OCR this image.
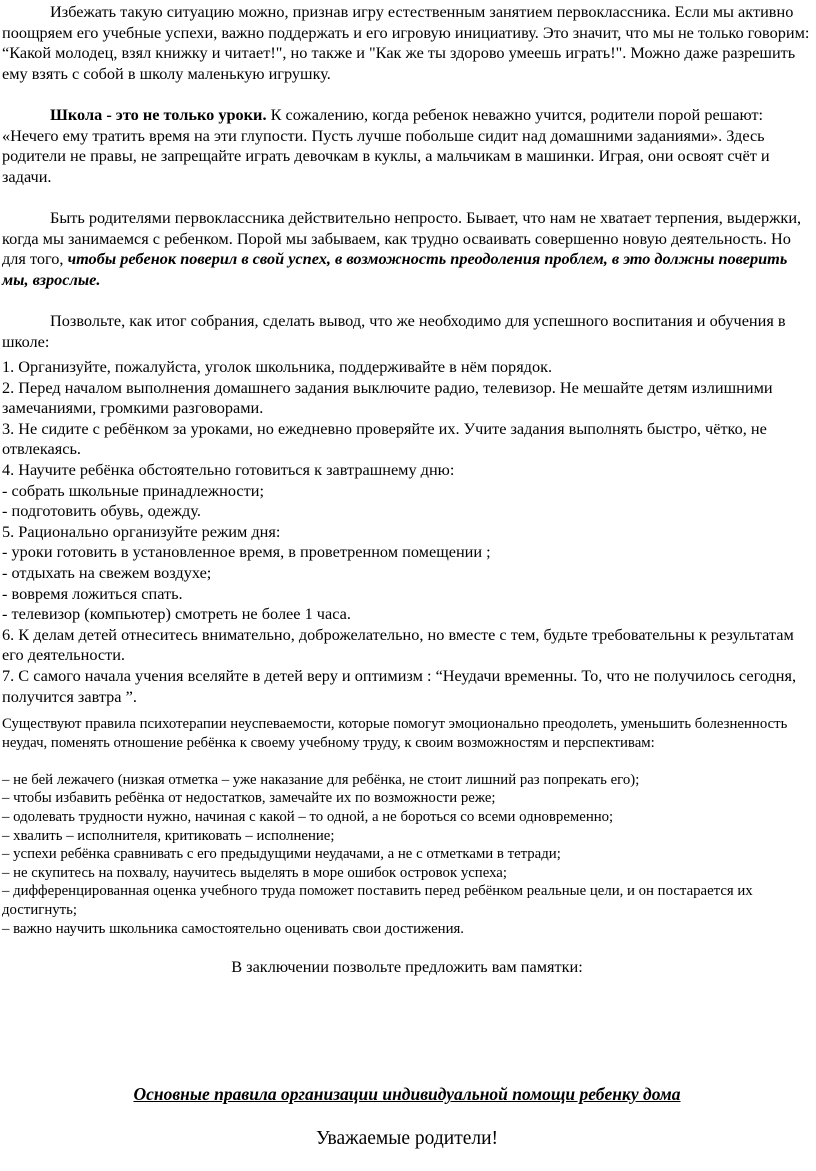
Избежать такую ситуацию можно, признав игру естественным занятием первоклассника. Если мы активно поощряем его учебные успехи, важно поддержать и его игровую инициативу. Это значит, что мы не только говорим: “Какой молодец, взял книжку и читает!", но также и "Как же ты здорово умеешь играть!". Можно даже разрешить ему взять с собой в школу маленькую игрушку.

Школа - это не только уроки. К сожалению, когда ребенок неважно учится, родители порой решают: «Нечего ему тратить время на эти глупости. Пусть лучше побольше сидит над домашними заданиями». Здесь родители не правы, не запрещайте играть девочкам в куклы, а мальчикам в машинки. Играя, они освоят счёт и задачи.

Быть родителями первоклассника действительно непросто. Бывает, что нам не хватает терпения, выдержки, когда мы занимаемся с ребенком. Порой мы забываем, как трудно осваивать совершенно новую деятельность. Но для того, чтобы ребенок поверил в свой успех, в возможность преодоления проблем, в это должны поверить мы, взрослые.

Позвольте, как итог собрания, сделать вывод, что же необходимо для успешного воспитания и обучения в школе:

1. Организуйте, пожалуйста, уголок школьника, поддерживайте в нём порядок.
2. Перед началом выполнения домашнего задания выключите радио, телевизор. Не мешайте детям излишними замечаниями, громкими разговорами.
3. Не сидите с ребёнком за уроками, но ежедневно проверяйте их. Учите задания выполнять быстро, чётко, не отвлекаясь.
4. Научите ребёнка обстоятельно готовиться к завтрашнему дню:
- собрать школьные принадлежности;
- подготовить обувь, одежду.
5. Рационально организуйте режим дня:
- уроки готовить в установленное время, в проветренном помещении ;
- отдыхать на свежем воздухе;
- вовремя ложиться спать.
- телевизор (компьютер) смотреть не более 1 часа.
6. К делам детей отнеситесь внимательно, доброжелательно, но вместе с тем, будьте требовательны к результатам его деятельности.
7. С самого начала учения вселяйте в детей веру и оптимизм : “Неудачи временны. То, что не получилось сегодня, получится завтра ”.

Существуют правила психотерапии неуспеваемости, которые помогут эмоционально преодолеть, уменьшить болезненность неудач, поменять отношение ребёнка к своему учебному труду, к своим возможностям и перспективам:

– не бей лежачего (низкая отметка – уже наказание для ребёнка, не стоит лишний раз попрекать его);
– чтобы избавить ребёнка от недостатков, замечайте их по возможности реже;
– одолевать трудности нужно, начиная с какой – то одной, а не бороться со всеми одновременно;
– хвалить – исполнителя, критиковать – исполнение;
– успехи ребёнка сравнивать с его предыдущими неудачами, а не с отметками в тетради;
– не скупитесь на похвалу, научитесь выделять в море ошибок островок успеха;
– дифференцированная оценка учебного труда поможет поставить перед ребёнком реальные цели, и он постарается их достигнуть;
– важно научить школьника самостоятельно оценивать свои достижения.
В заключении позвольте предложить вам памятки:
Основные правила организации индивидуальной помощи ребенку дома
Уважаемые родители!
